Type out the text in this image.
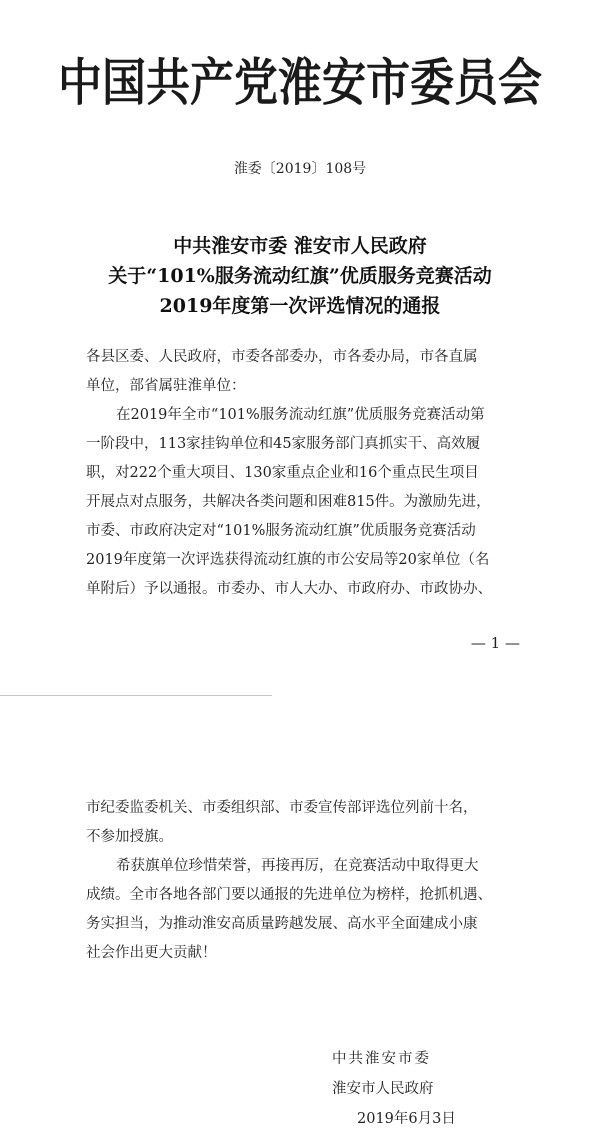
中国共产党淮安市委员会
淮委〔2019〕108号
中共淮安市委 淮安市人民政府
关于“101%服务流动红旗”优质服务竞赛活动
2019年度第一次评选情况的通报

各县区委、人民政府，市委各部委办，市各委办局，市各直属
单位，部省属驻淮单位：

在2019年全市“101%服务流动红旗”优质服务竞赛活动第
一阶段中，113家挂钩单位和45家服务部门真抓实干、高效履
职，对222个重大项目、130家重点企业和16个重点民生项目
开展点对点服务，共解决各类问题和困难815件。为激励先进，
市委、市政府决定对“101%服务流动红旗”优质服务竞赛活动
2019年度第一次评选获得流动红旗的市公安局等20家单位（名
单附后）予以通报。市委办、市人大办、市政府办、市政协办、

— 1 —

市纪委监委机关、市委组织部、市委宣传部评选位列前十名，
不参加授旗。

希获旗单位珍惜荣誉，再接再厉，在竞赛活动中取得更大
成绩。全市各地各部门要以通报的先进单位为榜样，抢抓机遇、
务实担当，为推动淮安高质量跨越发展、高水平全面建成小康
社会作出更大贡献！

中共淮安市委
淮安市人民政府
2019年6月3日
